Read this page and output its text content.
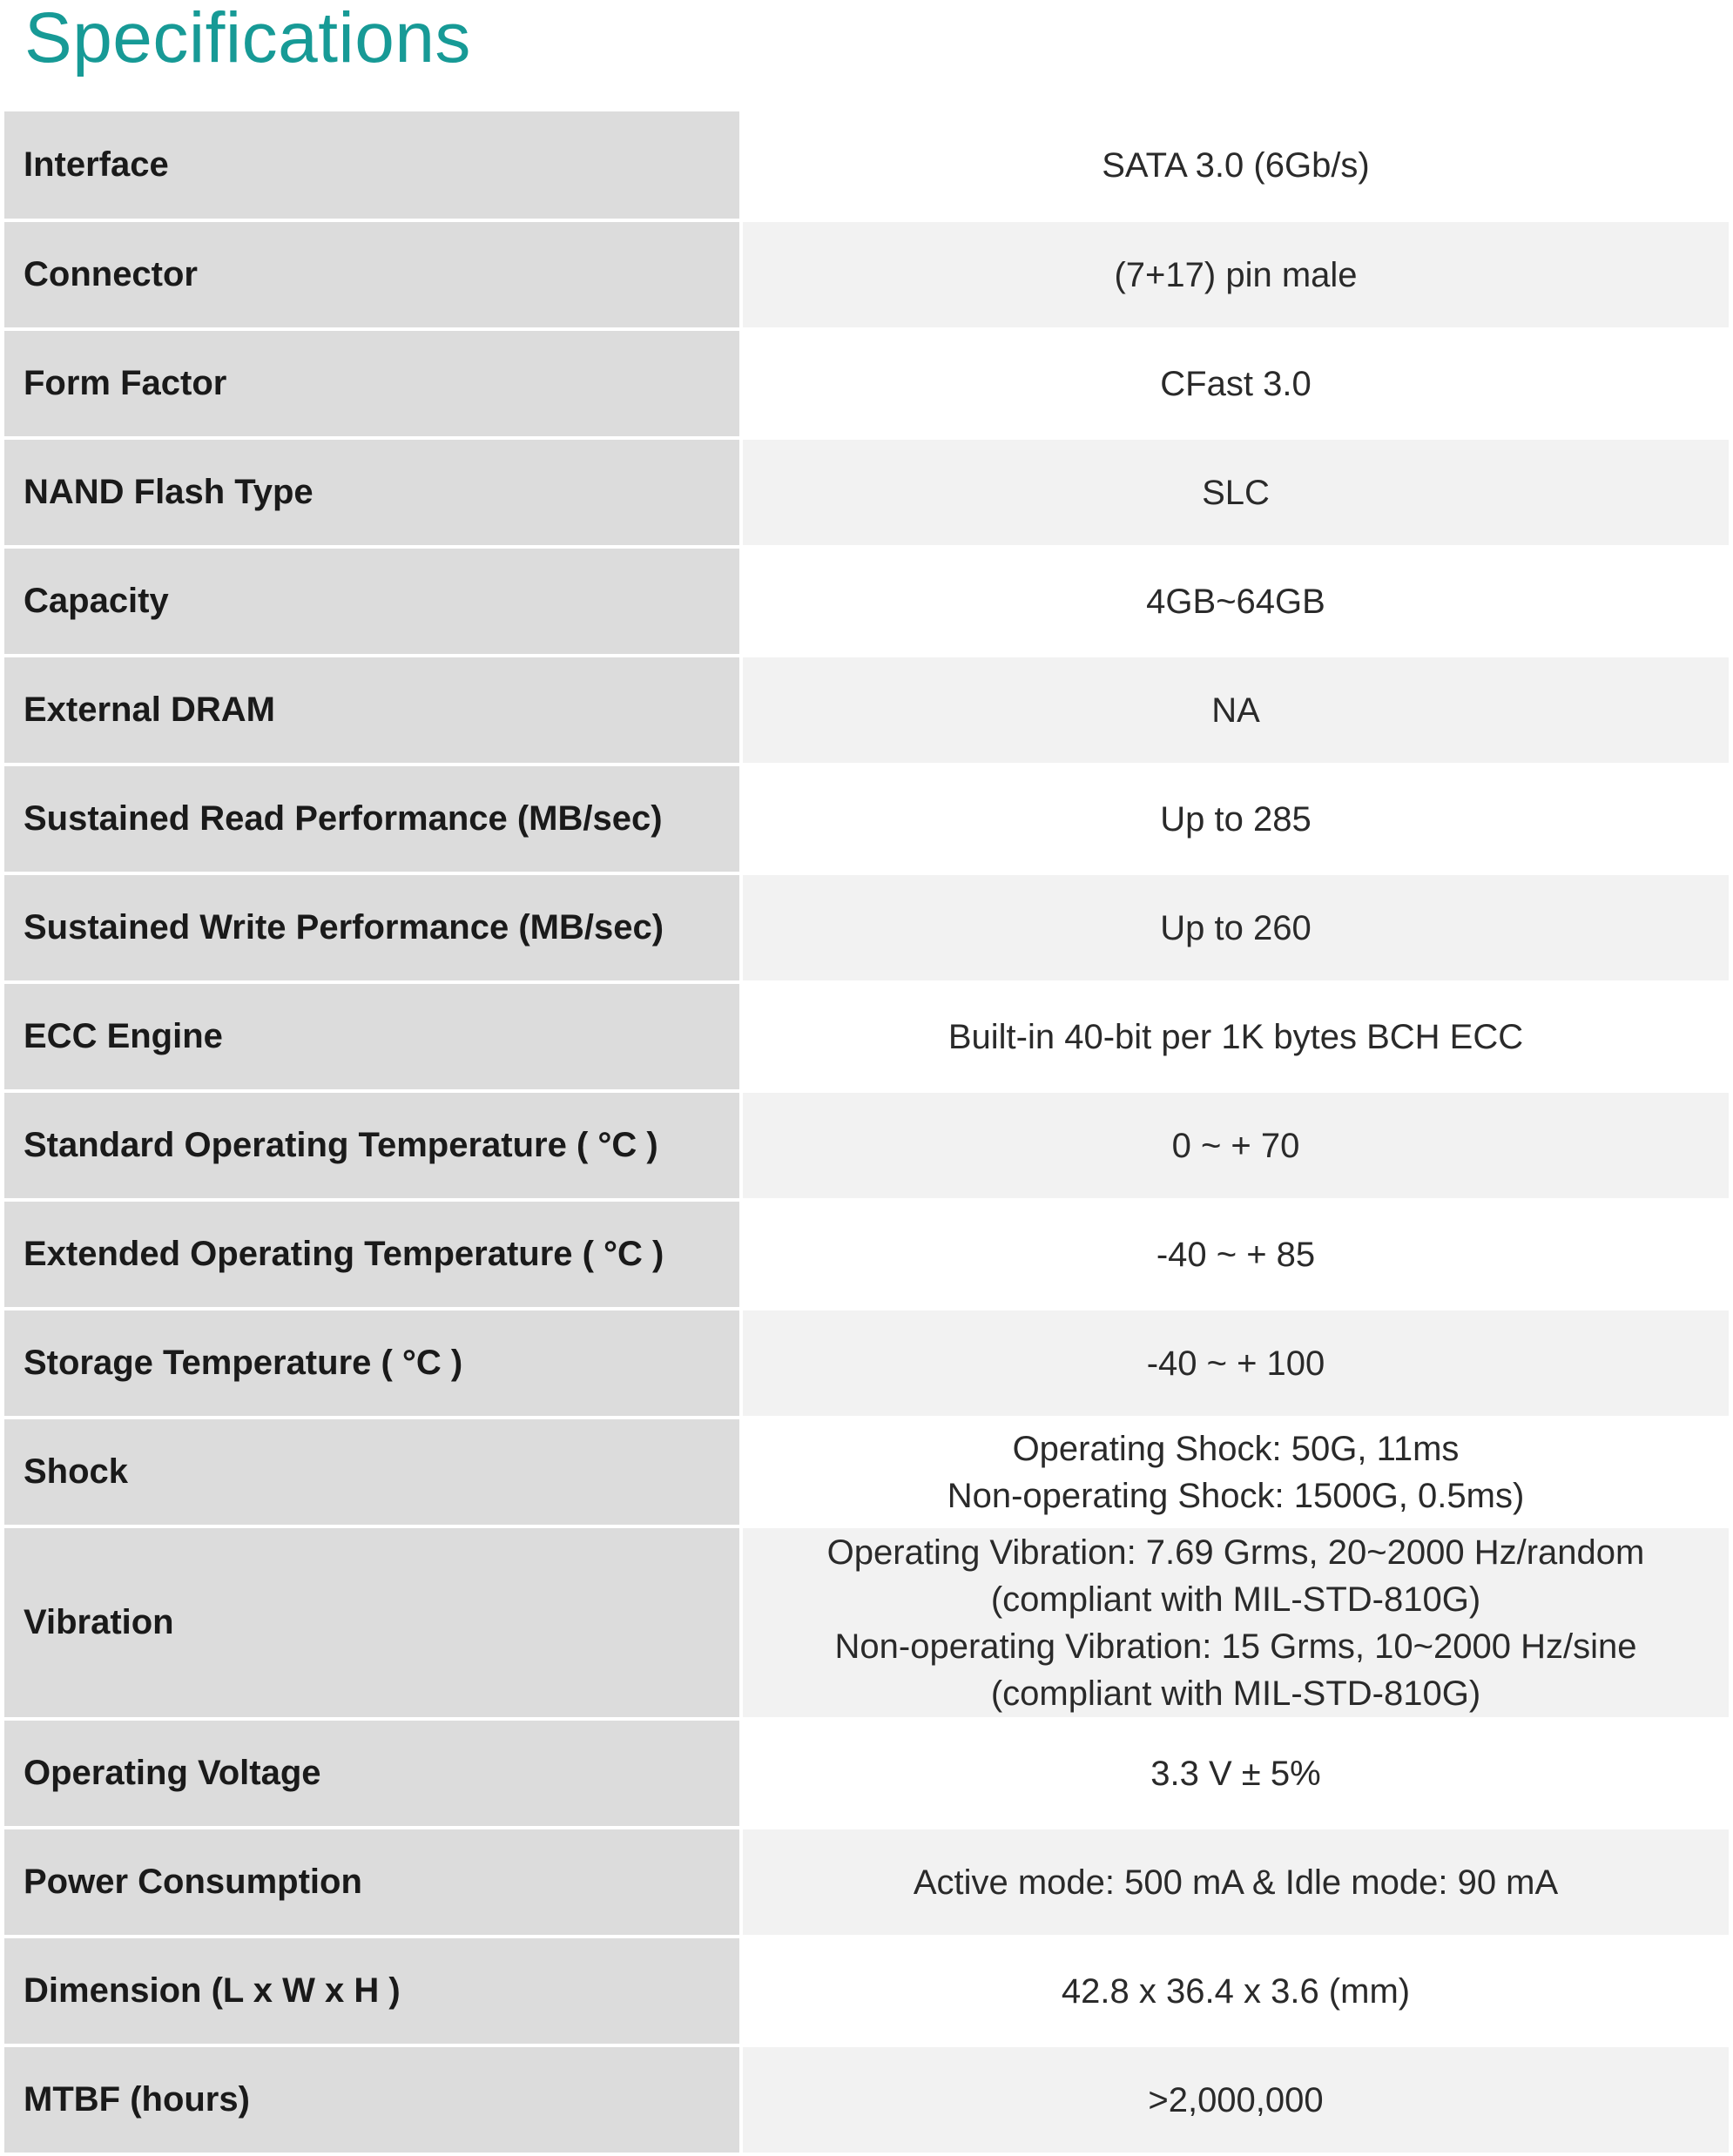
Specifications
Interface	SATA 3.0 (6Gb/s)

Connector	(7+17) pin male

Form Factor	CFast 3.0

NAND Flash Type	SLC

Capacity	4GB~64GB

External DRAM	NA

Sustained Read Performance (MB/sec)	Up to 285

Sustained Write Performance (MB/sec)	Up to 260

ECC Engine	Built-in 40-bit per 1K bytes BCH ECC

Standard Operating Temperature ( °C )	0 ~ + 70

Extended Operating Temperature ( °C )	-40 ~ + 85

Storage Temperature ( °C )	-40 ~ + 100

Shock	Operating Shock: 50G, 11ms
Non-operating Shock: 1500G, 0.5ms)

Vibration	Operating Vibration: 7.69 Grms, 20~2000 Hz/random
(compliant with MIL-STD-810G)
Non-operating Vibration: 15 Grms, 10~2000 Hz/sine
(compliant with MIL-STD-810G)

Operating Voltage	3.3 V ± 5%

Power Consumption	Active mode: 500 mA & Idle mode: 90 mA

Dimension (L x W x H )	42.8 x 36.4 x 3.6 (mm)

MTBF (hours)	>2,000,000
